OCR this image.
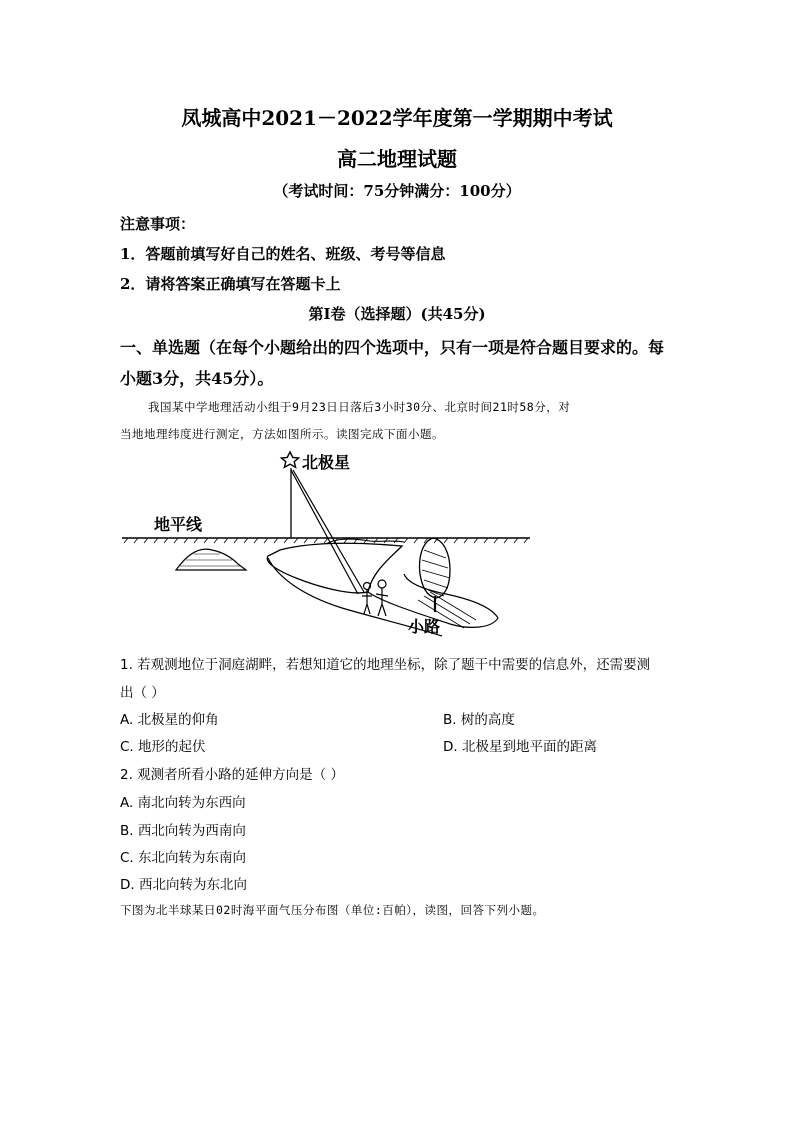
凤城高中2021－2022学年度第一学期期中考试
高二地理试题
（考试时间：75分钟满分：100分）
注意事项：
1．答题前填写好自己的姓名、班级、考号等信息
2．请将答案正确填写在答题卡上
第I卷（选择题）(共45分)
一、单选题（在每个小题给出的四个选项中，只有一项是符合题目要求的。每
小题3分，共45分）。
我国某中学地理活动小组于9月23日日落后3小时30分、北京时间21时58分，对
当地地理纬度进行测定，方法如图所示。读图完成下面小题。
北极星
地平线
小路
1. 若观测地位于洞庭湖畔，若想知道它的地理坐标，除了题干中需要的信息外，还需要测
出（ ）
A. 北极星的仰角	B. 树的高度
C. 地形的起伏	D. 北极星到地平面的距离
2. 观测者所看小路的延伸方向是（ ）
A. 南北向转为东西向
B. 西北向转为西南向
C. 东北向转为东南向
D. 西北向转为东北向
下图为北半球某日02时海平面气压分布图（单位:百帕），读图，回答下列小题。
